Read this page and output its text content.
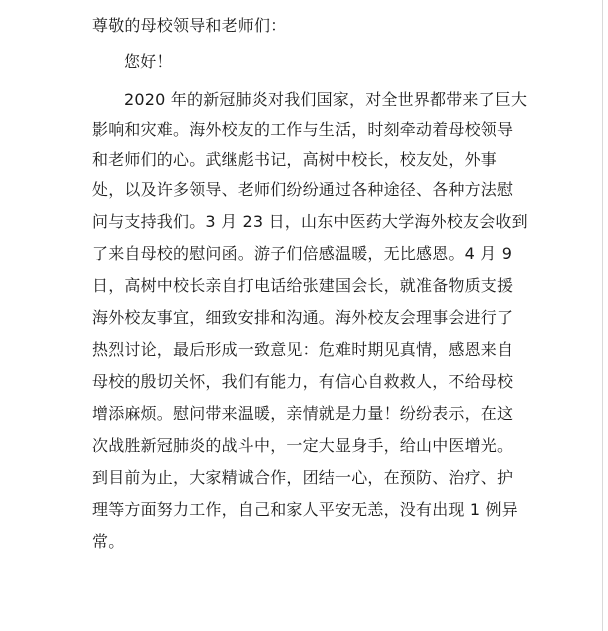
尊敬的母校领导和老师们：
您好！
2020 年的新冠肺炎对我们国家，对全世界都带来了巨大
影响和灾难。海外校友的工作与生活，时刻牵动着母校领导
和老师们的心。武继彪书记，高树中校长，校友处，外事
处，以及许多领导、老师们纷纷通过各种途径、各种方法慰
问与支持我们。3 月 23 日，山东中医药大学海外校友会收到
了来自母校的慰问函。游子们倍感温暖，无比感恩。4 月 9
日，高树中校长亲自打电话给张建国会长，就准备物质支援
海外校友事宜，细致安排和沟通。海外校友会理事会进行了
热烈讨论，最后形成一致意见：危难时期见真情，感恩来自
母校的殷切关怀，我们有能力，有信心自救救人，不给母校
增添麻烦。慰问带来温暖，亲情就是力量！纷纷表示，在这
次战胜新冠肺炎的战斗中，一定大显身手，给山中医增光。
到目前为止，大家精诚合作，团结一心，在预防、治疗、护
理等方面努力工作，自己和家人平安无恙，没有出现 1 例异
常。
